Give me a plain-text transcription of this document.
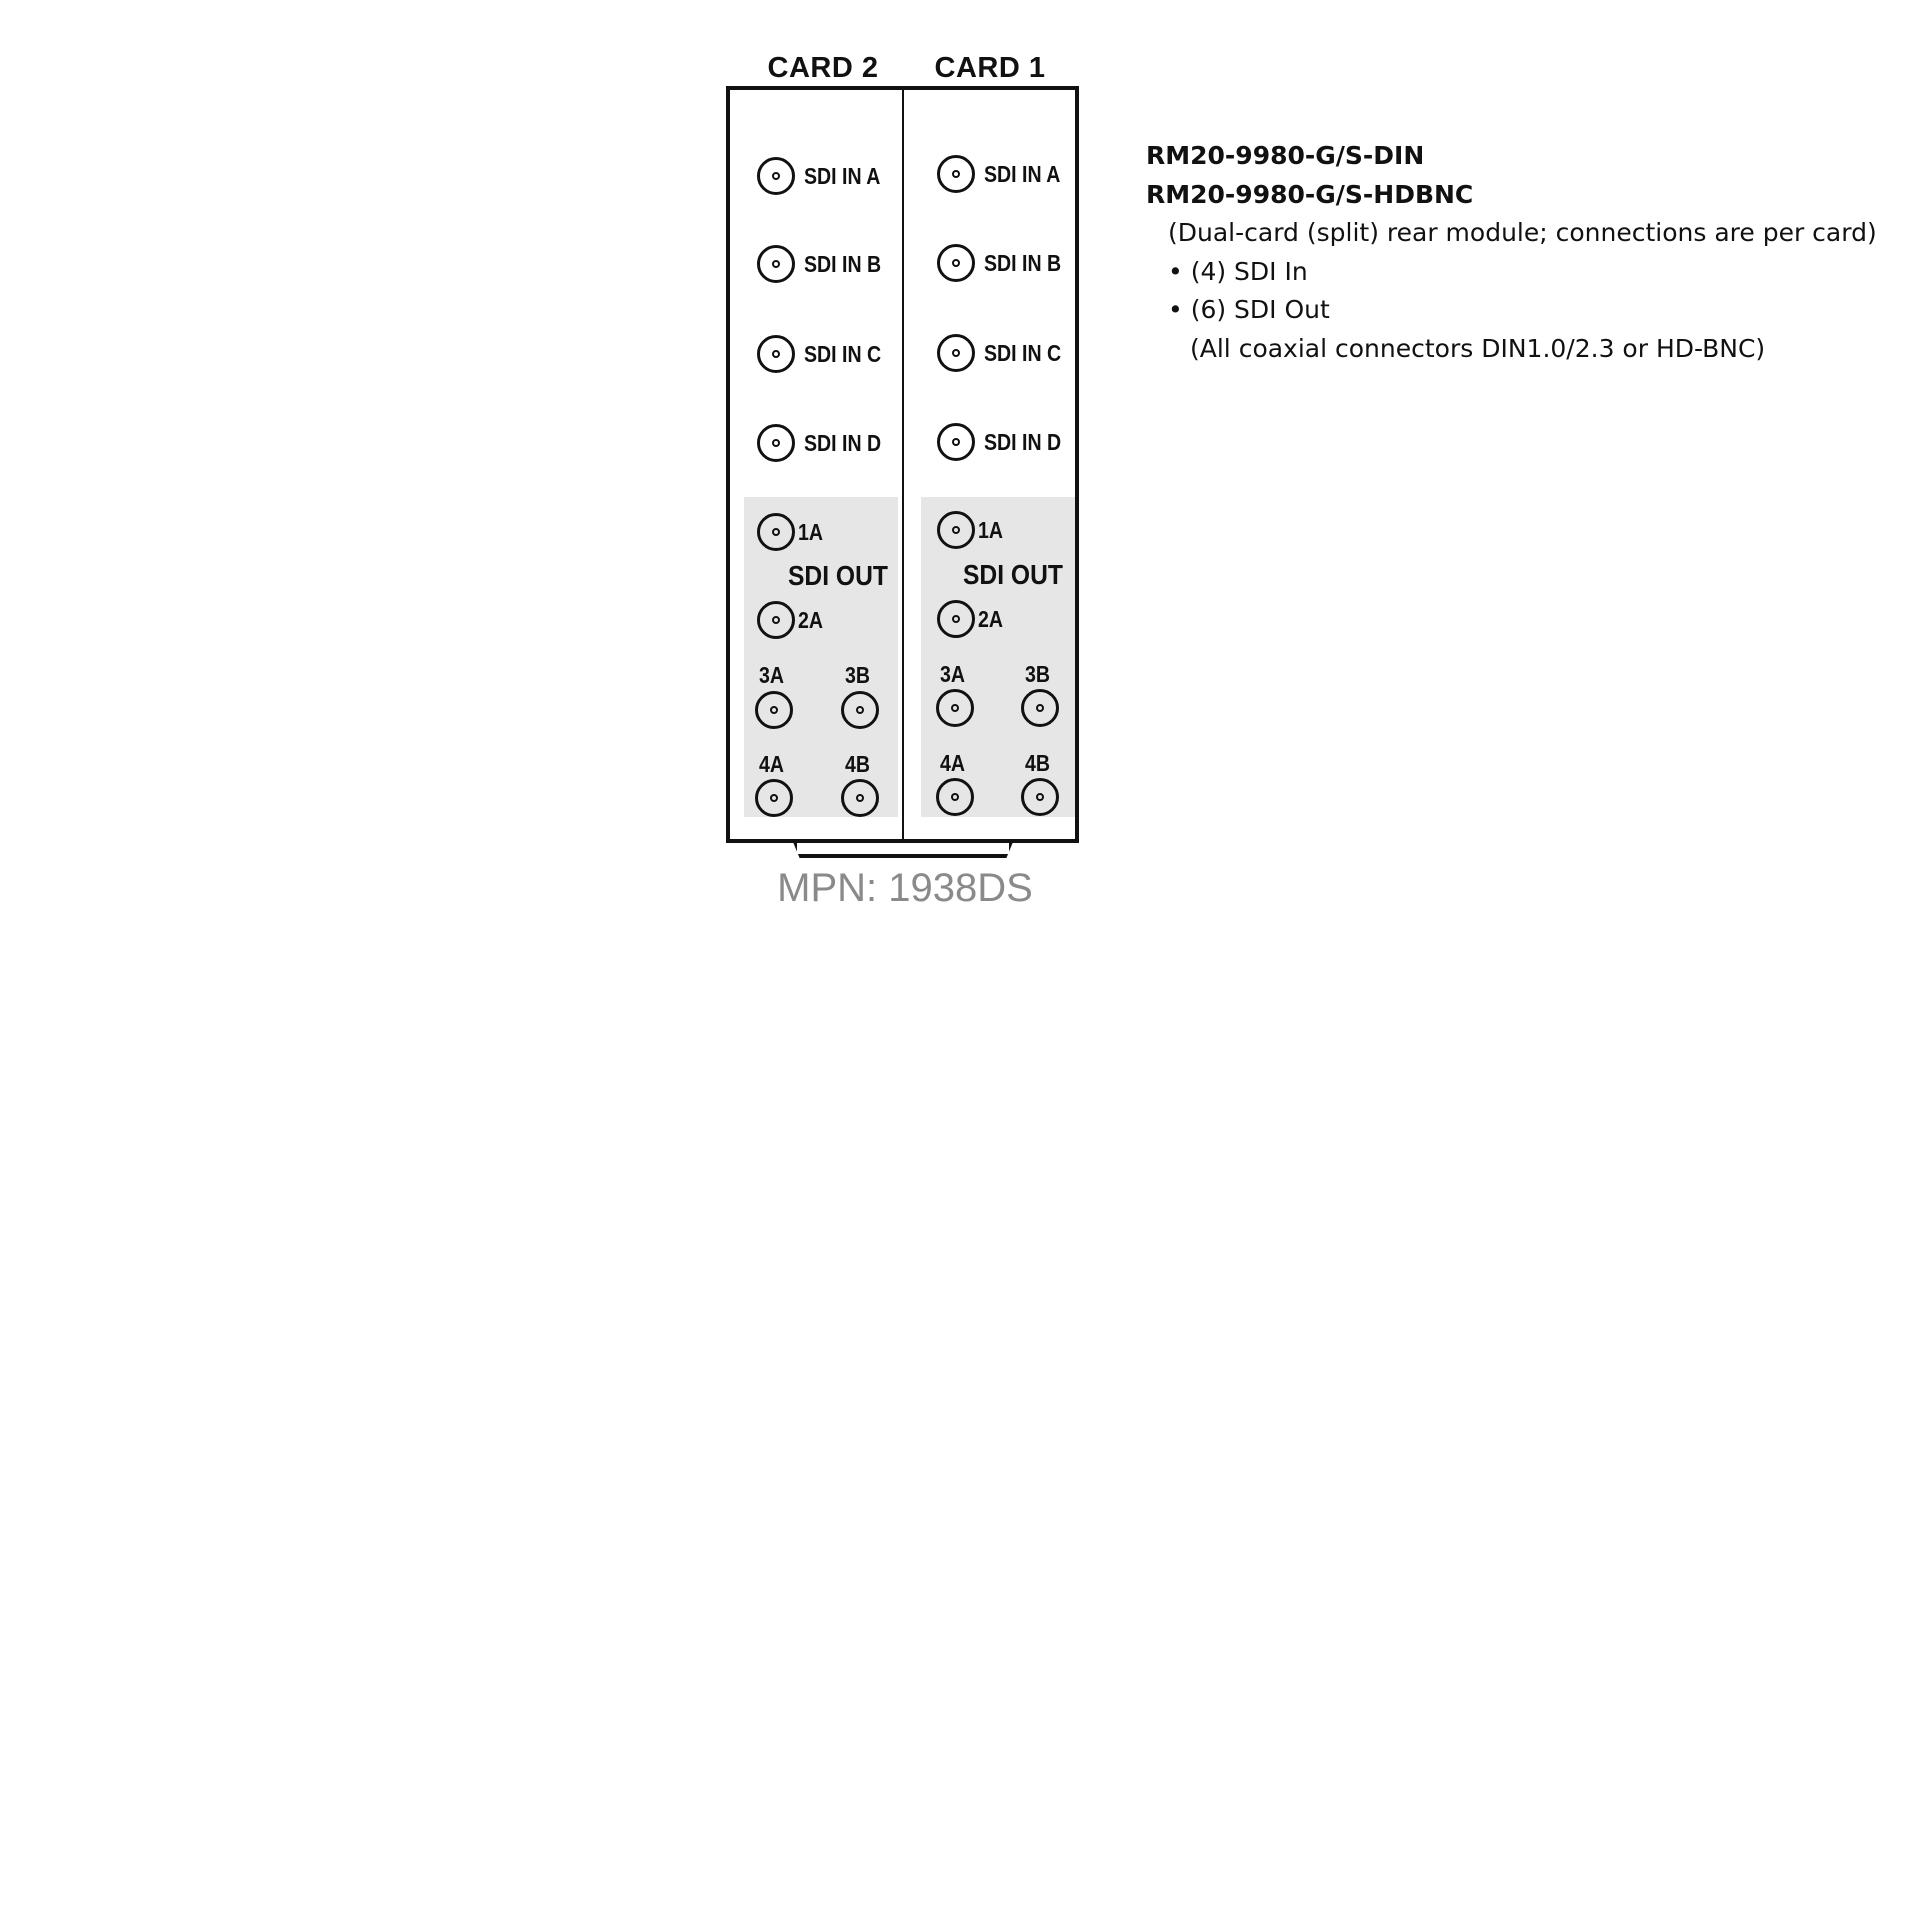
CARD 2	CARD 1
SDI IN A
SDI IN B
SDI IN C
SDI IN D
1A
SDI OUT
2A
3A	3B
4A	4B
SDI IN A
SDI IN B
SDI IN C
SDI IN D
1A
SDI OUT
2A
3A	3B
4A	4B
MPN: 1938DS
RM20-9980-G/S-DIN
RM20-9980-G/S-HDBNC
(Dual-card (split) rear module; connections are per card)
• (4) SDI In
• (6) SDI Out
(All coaxial connectors DIN1.0/2.3 or HD-BNC)
